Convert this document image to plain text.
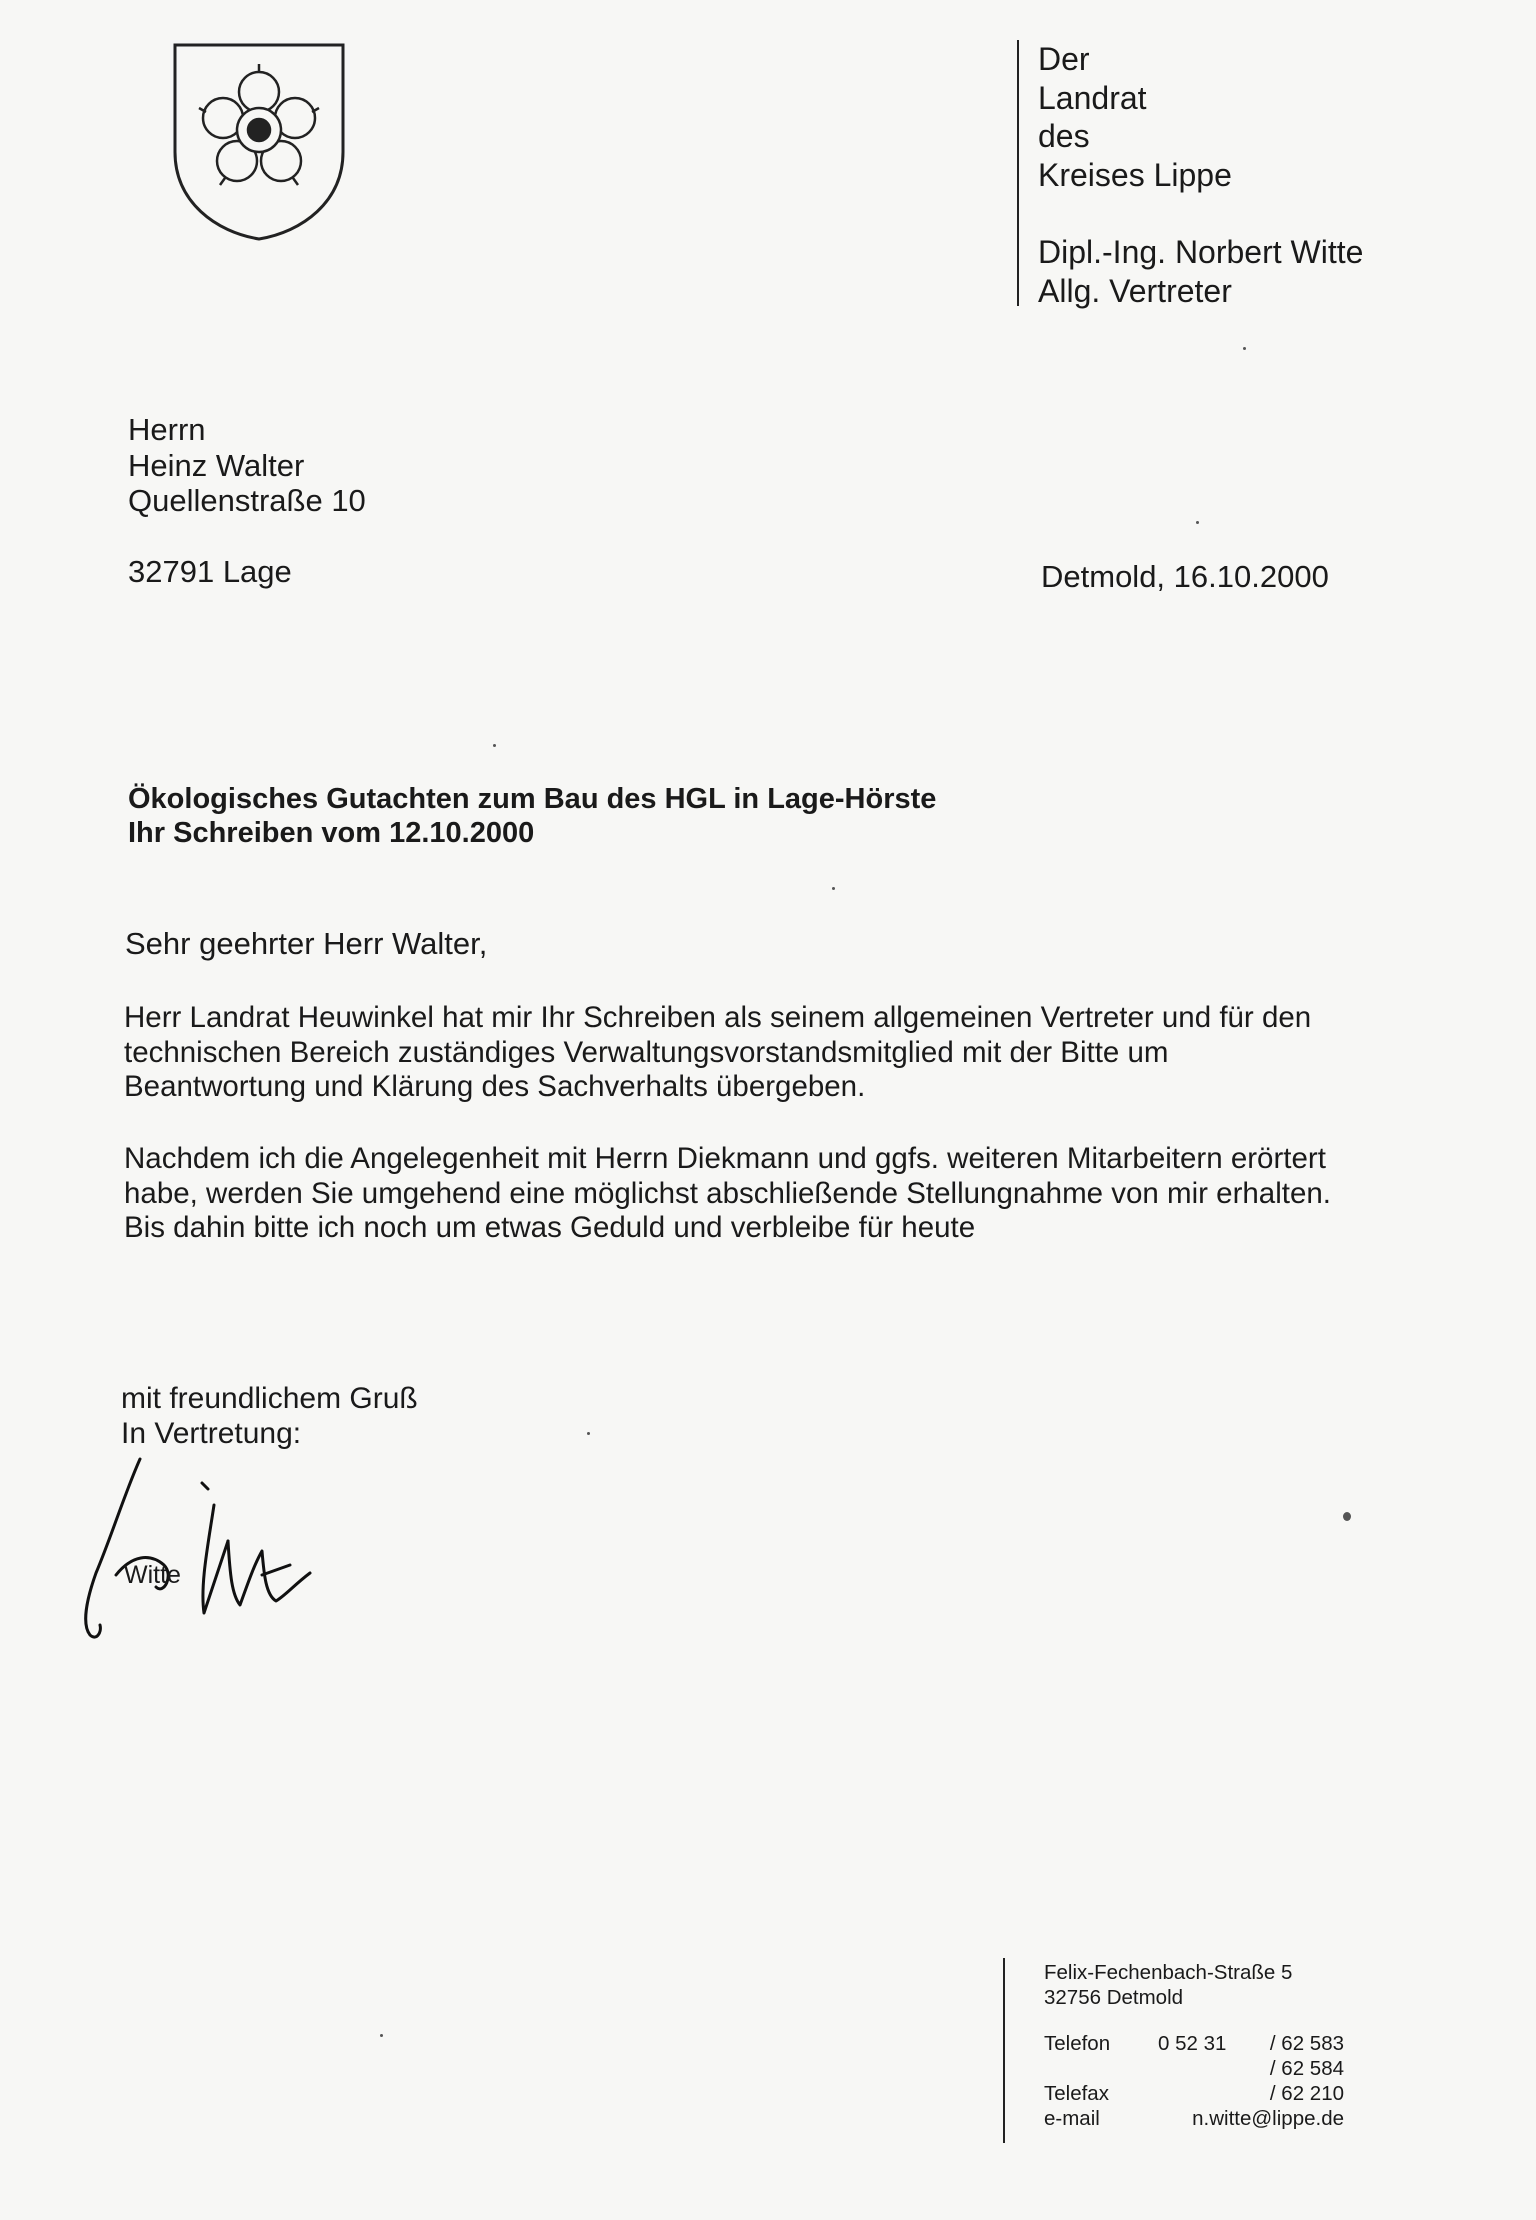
Der
Landrat
des
Kreises Lippe
Dipl.-Ing. Norbert Witte
Allg. Vertreter
Herrn
Heinz Walter
Quellenstraße 10
32791 Lage	Detmold, 16.10.2000
Ökologisches Gutachten zum Bau des HGL in Lage-Hörste
Ihr Schreiben vom 12.10.2000
Sehr geehrter Herr Walter,
Herr Landrat Heuwinkel hat mir Ihr Schreiben als seinem allgemeinen Vertreter und für den
technischen Bereich zuständiges Verwaltungsvorstandsmitglied mit der Bitte um
Beantwortung und Klärung des Sachverhalts übergeben.
Nachdem ich die Angelegenheit mit Herrn Diekmann und ggfs. weiteren Mitarbeitern erörtert
habe, werden Sie umgehend eine möglichst abschließende Stellungnahme von mir erhalten.
Bis dahin bitte ich noch um etwas Geduld und verbleibe für heute
mit freundlichem Gruß
In Vertretung:
Witte
Felix-Fechenbach-Straße 5
32756 Detmold
Telefon 0 52 31 / 62 583
/ 62 584
Telefax	/ 62 210
e-mail	n.witte@lippe.de
